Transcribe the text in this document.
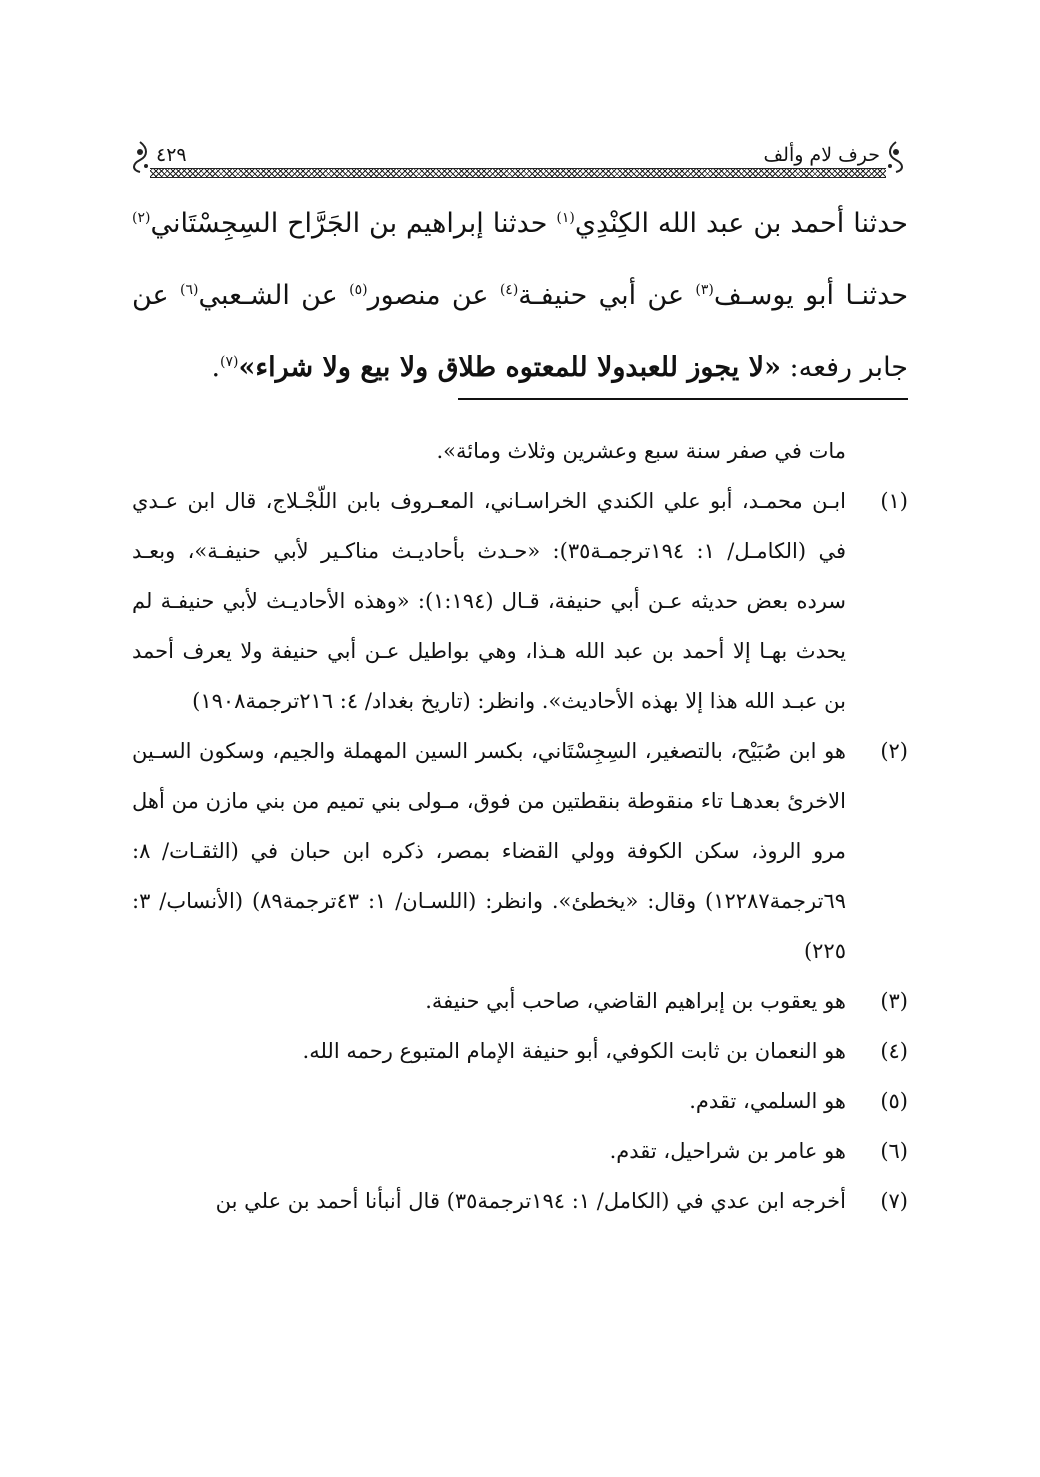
حرف لام وألف
٤٢٩
حدثنا أحمد بن عبد الله الكِنْدِي$^{(١)}$ حدثنا إبراهيم بن الجَرَّاح السِجِسْتَاني$^{(٢)}$ حدثنـا أبو يوسـف$^{(٣)}$ عن أبي حنيفـة$^{(٤)}$ عن منصور$^{(٥)}$ عن الشـعبي$^{(٦)}$ عن جابر رفعه: «لا يجوز للعبدولا للمعتوه طلاق ولا بيع ولا شراء»$^{(٧)}$.
مات في صفر سنة سبع وعشرين وثلاث ومائة».
(١)
ابـن محمـد، أبو علي الكندي الخراسـاني، المعـروف بابن اللّجْـلاج، قال ابن عـدي في (الكامـل/ ١: ١٩٤ترجمـة٣٥): «حـدث بأحاديـث مناكـير لأبي حنيفـة»، وبعـد سرده بعض حديثه عـن أبي حنيفة، قـال (١:١٩٤): «وهذه الأحاديـث لأبي حنيفـة لم يحدث بهـا إلا أحمد بن عبد الله هـذا، وهي بواطيل عـن أبي حنيفة ولا يعرف أحمد بن عبـد الله هذا إلا بهذه الأحاديث». وانظر: (تاريخ بغداد/ ٤: ٢١٦ترجمة١٩٠٨)
(٢)
هو ابن صُبَيْح، بالتصغير، السِجِسْتَاني، بكسر السين المهملة والجيم، وسكون السـين الاخرئ بعدهـا تاء منقوطة بنقطتين من فوق، مـولى بني تميم من بني مازن من أهل مرو الروذ، سكن الكوفة وولي القضاء بمصر، ذكره ابن حبان في (الثقـات/ ٨: ٦٩ترجمة١٢٢٨٧) وقال: «يخطئ». وانظر: (اللسـان/ ١: ٤٣ترجمة٨٩) (الأنساب/ ٣: ٢٢٥)
(٣)
هو يعقوب بن إبراهيم القاضي، صاحب أبي حنيفة.
(٤)
هو النعمان بن ثابت الكوفي، أبو حنيفة الإمام المتبوع رحمه الله.
(٥)
هو السلمي، تقدم.
(٦)
هو عامر بن شراحيل، تقدم.
(٧)
أخرجه ابن عدي في (الكامل/ ١: ١٩٤ترجمة٣٥) قال أنبأنا أحمد بن علي بن
